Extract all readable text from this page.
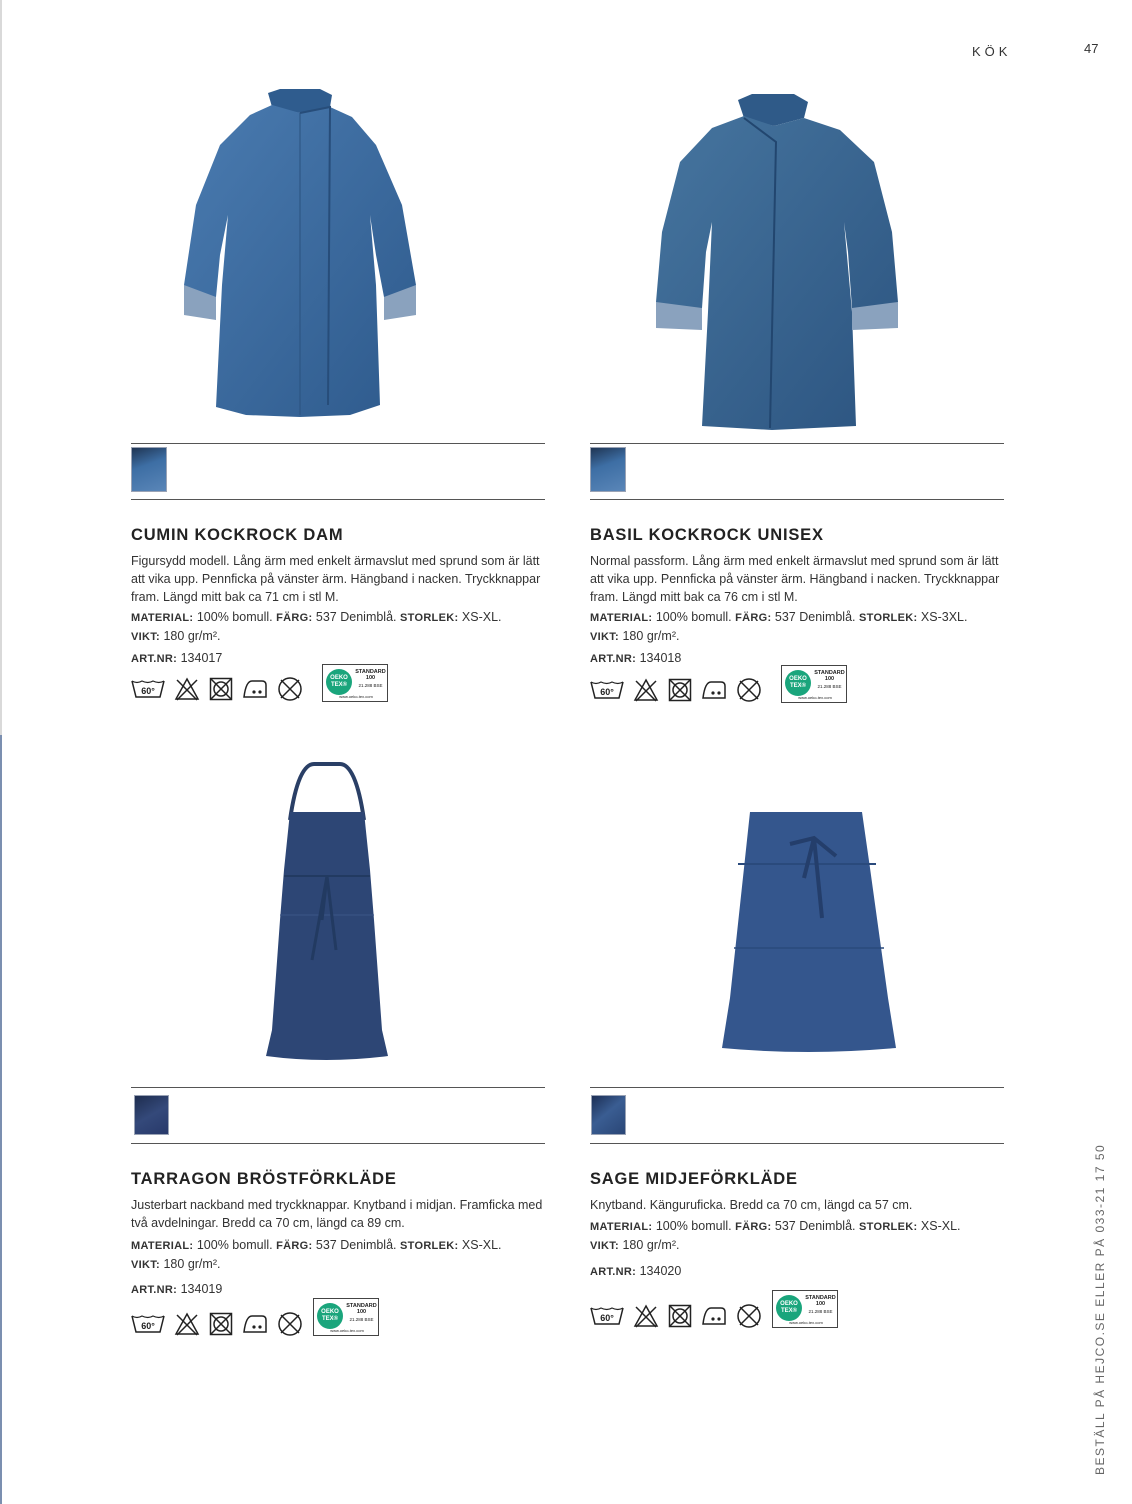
KÖK	47
BESTÄLL PÅ HEJCO.SE ELLER PÅ 033-21 17 50
CUMIN KOCKROCK DAM
Figursydd modell. Lång ärm med enkelt ärmavslut med sprund som är lätt att vika upp. Pennficka på vänster ärm. Hängband i nacken. Tryckknappar fram. Längd mitt bak ca 71 cm i stl M.
MATERIAL: 100% bomull. FÄRG: 537 Denimblå. STORLEK: XS-XL.
VIKT: 180 gr/m².
ART.NR: 134017
60°
OEKO
TEX®
STANDARD
100
21.288 BSE
www.oeko-tex.com
BASIL KOCKROCK UNISEX
Normal passform. Lång ärm med enkelt ärmavslut med sprund som är lätt att vika upp. Pennficka på vänster ärm. Hängband i nacken. Tryckknappar fram. Längd mitt bak ca 76 cm i stl M.
MATERIAL: 100% bomull. FÄRG: 537 Denimblå. STORLEK: XS-3XL.
VIKT: 180 gr/m².
ART.NR: 134018
60°
OEKO
TEX®
STANDARD
100
21.288 BSE
www.oeko-tex.com
TARRAGON BRÖSTFÖRKLÄDE
Justerbart nackband med tryckknappar. Knytband i midjan. Framficka med två avdelningar. Bredd ca 70 cm, längd ca 89 cm.
MATERIAL: 100% bomull. FÄRG: 537 Denimblå. STORLEK: XS-XL.
VIKT: 180 gr/m².
ART.NR: 134019
60°
OEKO
TEX®
STANDARD
100
21.288 BSE
www.oeko-tex.com
SAGE MIDJEFÖRKLÄDE
Knytband. Känguruficka. Bredd ca 70 cm, längd ca 57 cm.
MATERIAL: 100% bomull. FÄRG: 537 Denimblå. STORLEK: XS-XL.
VIKT: 180 gr/m².
ART.NR: 134020
60°
OEKO
TEX®
STANDARD
100
21.288 BSE
www.oeko-tex.com
